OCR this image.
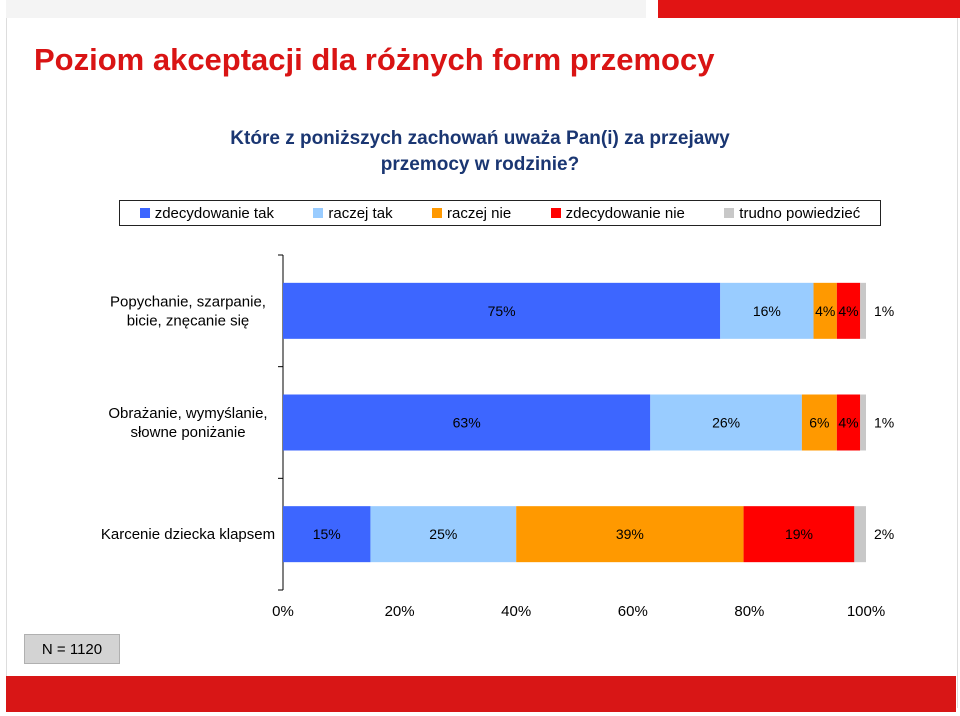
Poziom akceptacji dla różnych form przemocy
Które z poniższych zachowań uważa Pan(i) za przejawy
przemocy w rodzinie?
zdecydowanie tak	raczej tak	raczej nie	zdecydowanie nie	trudno powiedzieć
75%	16% 4% 4% 1%
Popychanie, szarpanie,
bicie, znęcanie się
63%	26%	6% 4% 1%
Obrażanie, wymyślanie,
słowne poniżanie
15%	25%	39%	19%	2%
Karcenie dziecka klapsem
0%	20%	40%	60%	80%	100%
N = 1120
